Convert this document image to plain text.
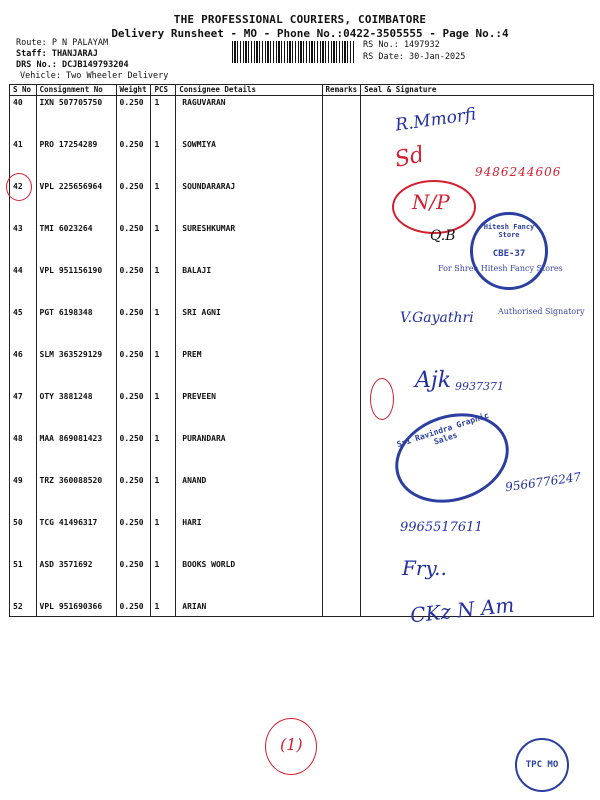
THE PROFESSIONAL COURIERS, COIMBATORE
Delivery Runsheet - MO - Phone No.:0422-3505555 - Page No.:4
Route: P N PALAYAM
Staff: THANJARAJ
DRS No.: DCJB149793204
Vehicle: Two Wheeler Delivery
RS No.: 1497932
RS Date: 30-Jan-2025
S No	Consignment No	Weight	PCS	Consignee Details	Remarks	Seal & Signature
40	IXN 507705750	0.250	1	RAGUVARAN		
41	PRO 17254289	0.250	1	SOWMIYA		
42	VPL 225656964	0.250	1	SOUNDARARAJ		
43	TMI 6023264	0.250	1	SURESHKUMAR		
44	VPL 951156190	0.250	1	BALAJI		
45	PGT 6198348	0.250	1	SRI AGNI		
46	SLM 363529129	0.250	1	PREM		
47	OTY 3881248	0.250	1	PREVEEN		
48	MAA 869081423	0.250	1	PURANDARA		
49	TRZ 360088520	0.250	1	ANAND		
50	TCG 41496317	0.250	1	HARI		
51	ASD 3571692	0.250	1	BOOKS WORLD		
52	VPL 951690366	0.250	1	ARIAN		
R.Mmorfi
9486244606
Sd
N/P
Q.B
Hitesh Fancy Store
CBE-37
For Shree Hitesh Fancy Stores
Authorised Signatory
V.Gayathri
9937371
Ajk
Sri Ravindra Graphic Sales
9566776247
9965517611
Fry..
CKz N Am
(1)
TPC MO
